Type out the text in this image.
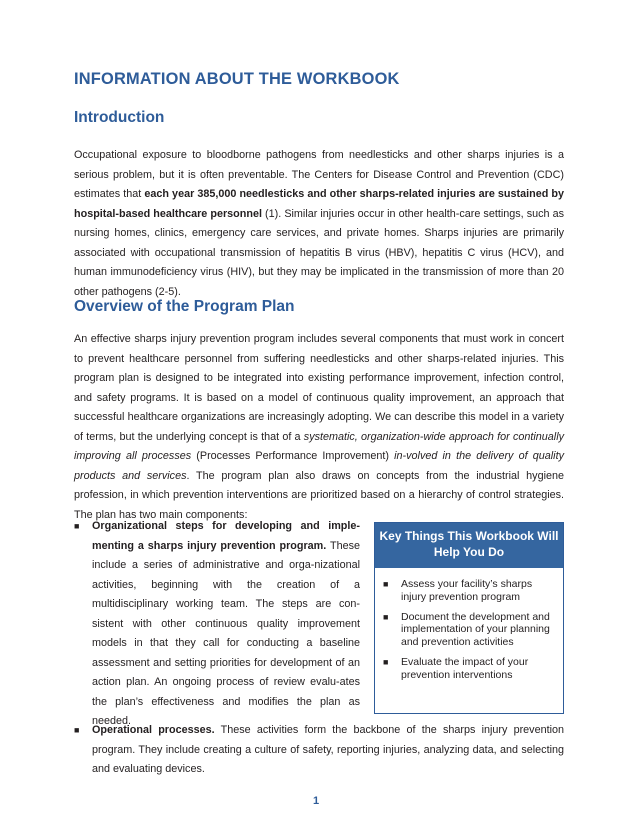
INFORMATION ABOUT THE WORKBOOK
Introduction

Occupational exposure to bloodborne pathogens from needlesticks and other sharps injuries is a serious problem, but it is often preventable. The Centers for Disease Control and Prevention (CDC) estimates that each year 385,000 needlesticks and other sharps-related injuries are sustained by hospital-based healthcare personnel (1). Similar injuries occur in other health-care settings, such as nursing homes, clinics, emergency care services, and private homes. Sharps injuries are primarily associated with occupational transmission of hepatitis B virus (HBV), hepatitis C virus (HCV), and human immunodeficiency virus (HIV), but they may be implicated in the transmission of more than 20 other pathogens (2-5).

Overview of the Program Plan

An effective sharps injury prevention program includes several components that must work in concert to prevent healthcare personnel from suffering needlesticks and other sharps-related injuries. This program plan is designed to be integrated into existing performance improvement, infection control, and safety programs. It is based on a model of continuous quality improvement, an approach that successful healthcare organizations are increasingly adopting. We can describe this model in a variety of terms, but the underlying concept is that of a systematic, organization-wide approach for continually improving all processes (Processes Performance Improvement) in-volved in the delivery of quality products and services. The program plan also draws on concepts from the industrial hygiene profession, in which prevention interventions are prioritized based on a hierarchy of control strategies. The plan has two main components:

■	Organizational steps for developing and imple-menting a sharps injury prevention program. These include a series of administrative and orga-nizational activities, beginning with the creation of a multidisciplinary working team. The steps are con-sistent with other continuous quality improvement models in that they call for conducting a baseline assessment and setting priorities for development of an action plan. An ongoing process of review evalu-ates the plan’s effectiveness and modifies the plan as needed.
Key Things This Workbook Will Help You Do
■ Assess your facility’s sharps injury prevention program
■ Document the development and implementation of your planning and prevention activities
■ Evaluate the impact of your prevention interventions
■	Operational processes. These activities form the backbone of the sharps injury prevention program. They include creating a culture of safety, reporting injuries, analyzing data, and selecting and evaluating devices.
1
